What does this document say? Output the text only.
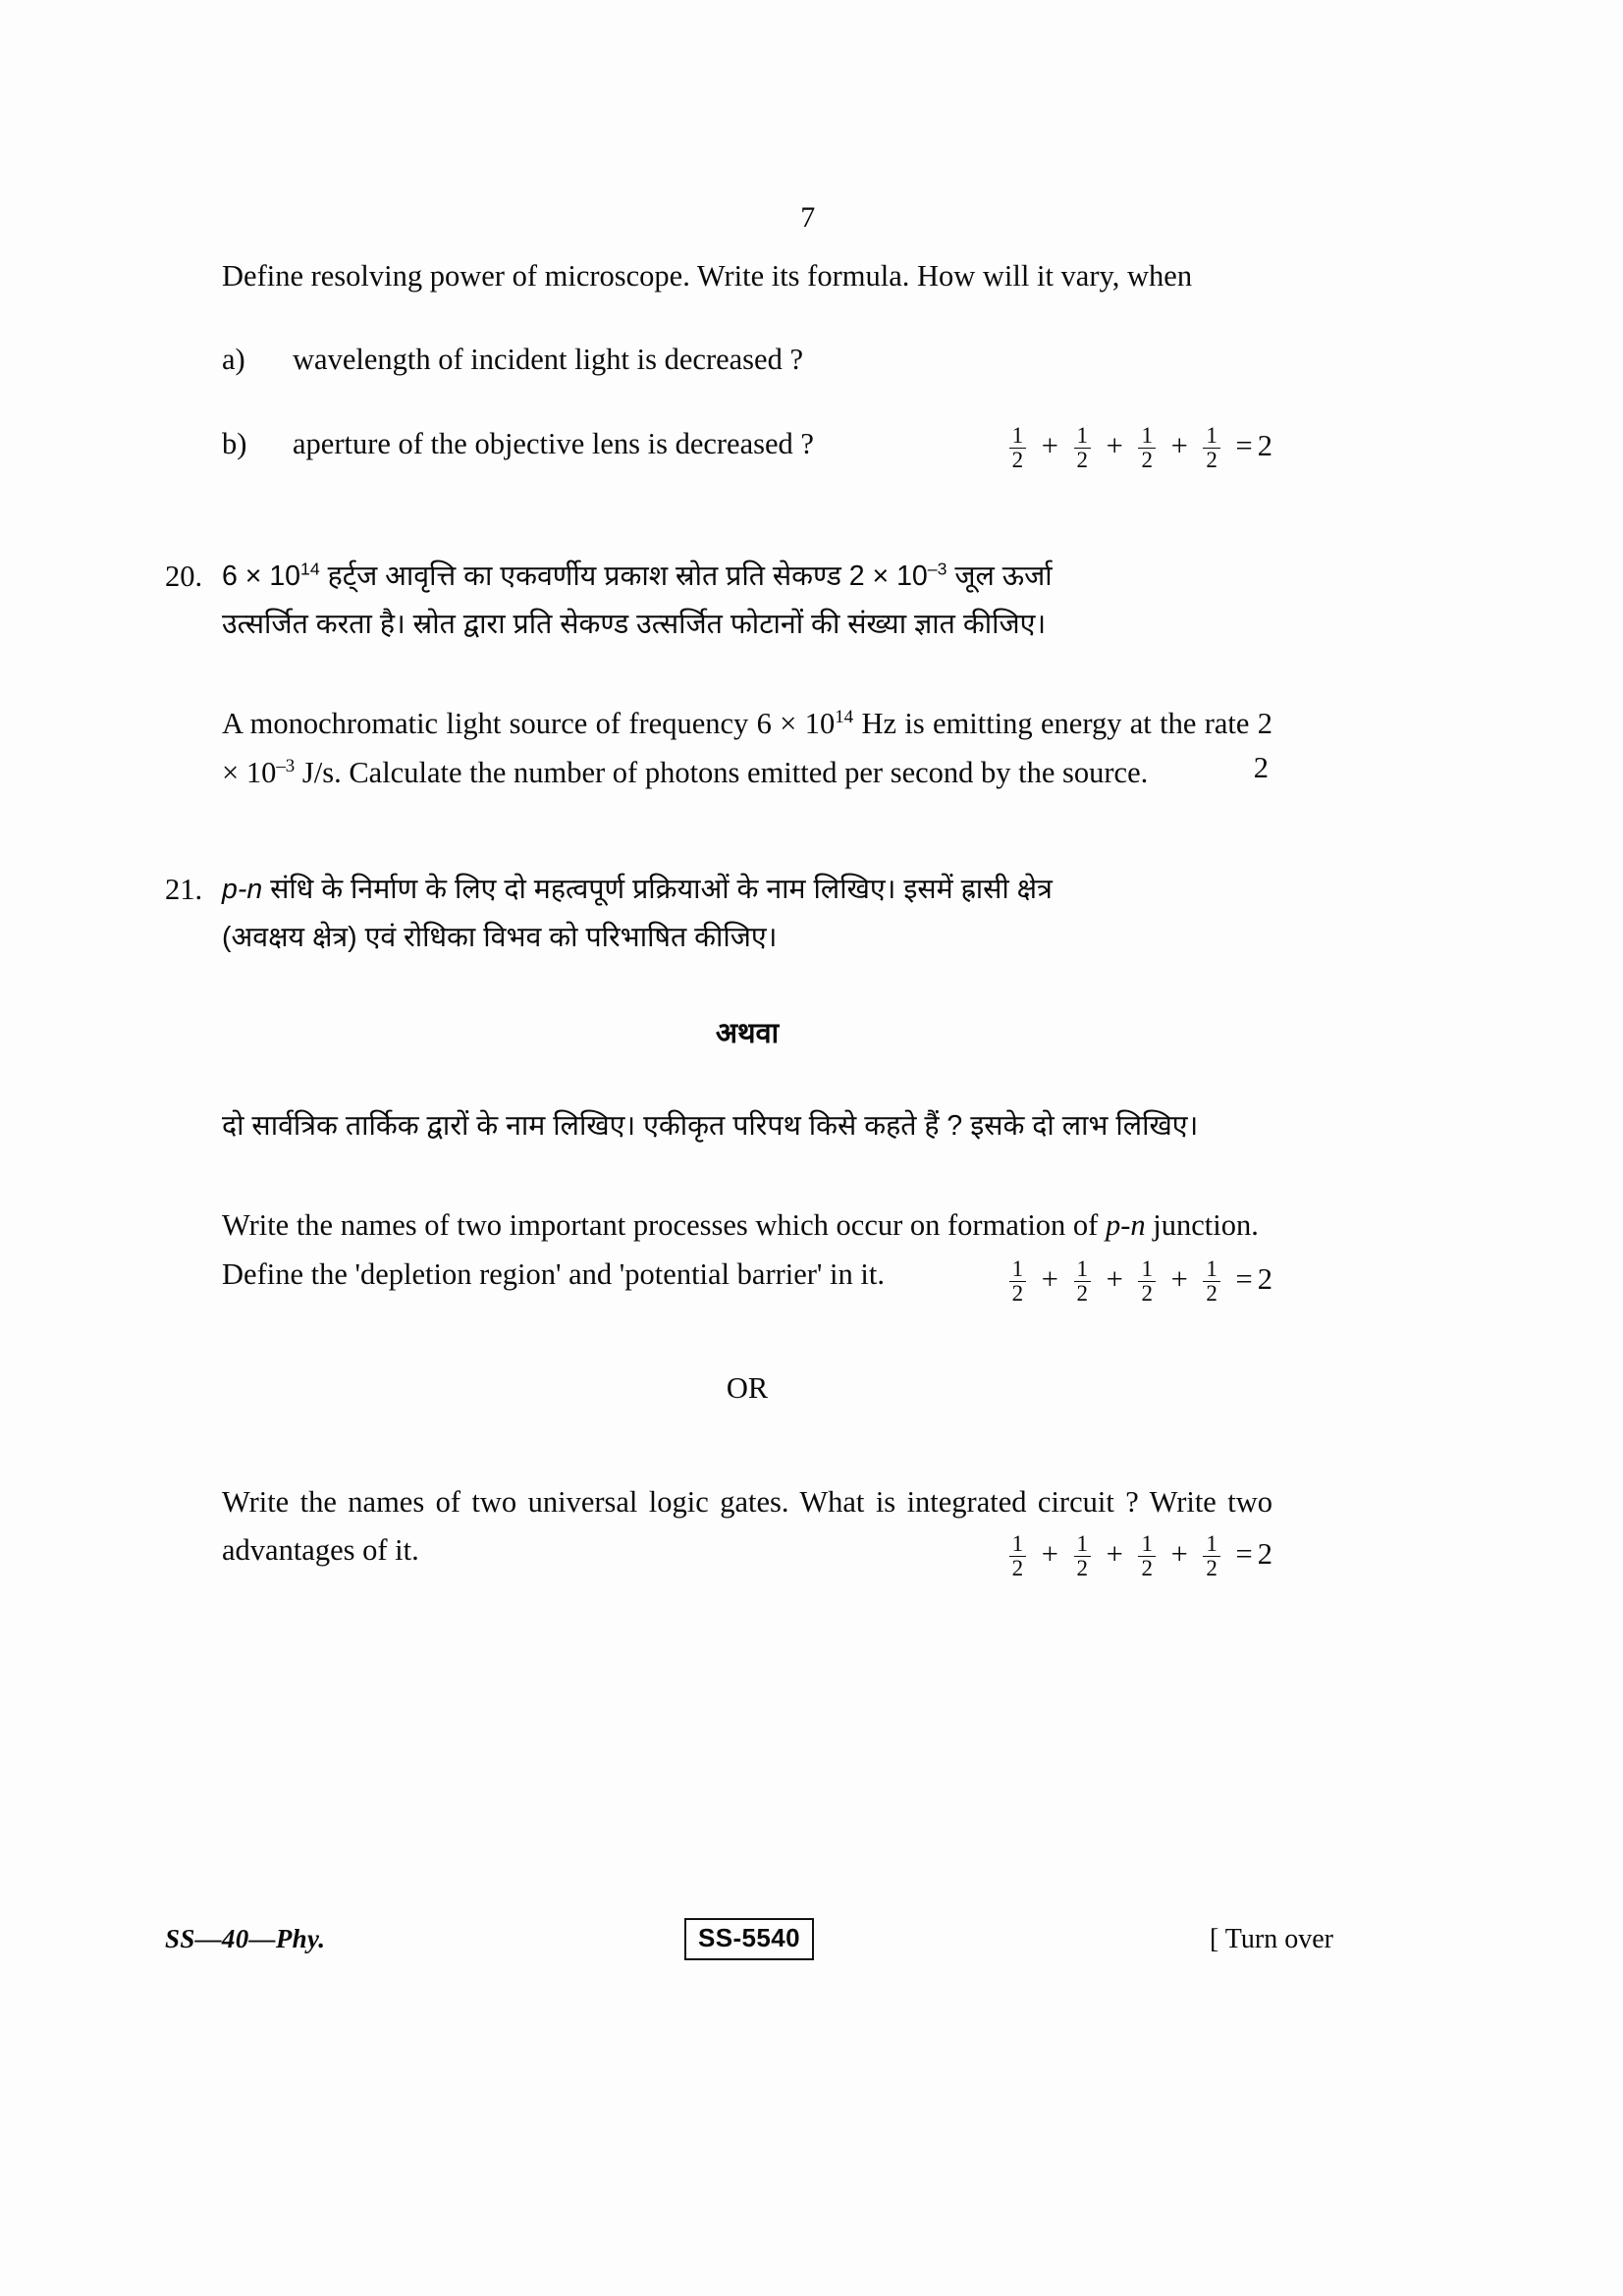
7
Define resolving power of microscope. Write its formula. How will it vary, when
a)	wavelength of incident light is decreased ?
b)	aperture of the objective lens is decreased ?	$\frac{1}{2} + \frac{1}{2} + \frac{1}{2} + \frac{1}{2} = 2$
20. $6 \times 10^{14}$ हर्ट्ज आवृत्ति का एकवर्णीय प्रकाश स्रोत प्रति सेकण्ड $2 \times 10^{-3}$ जूल ऊर्जा
उत्सर्जित करता है। स्रोत द्वारा प्रति सेकण्ड उत्सर्जित फोटानों की संख्या ज्ञात कीजिए।
A monochromatic light source of frequency $6 \times 10^{14}$ Hz is emitting energy at the rate $2 \times 10^{-3}$ J/s. Calculate the number of photons emitted per second by the source.	2
21. p-n संधि के निर्माण के लिए दो महत्वपूर्ण प्रक्रियाओं के नाम लिखिए। इसमें ह्रासी क्षेत्र
(अवक्षय क्षेत्र) एवं रोधिका विभव को परिभाषित कीजिए।
अथवा
दो सार्वत्रिक तार्किक द्वारों के नाम लिखिए। एकीकृत परिपथ किसे कहते हैं ? इसके दो लाभ लिखिए।
Write the names of two important processes which occur on formation of p-n junction. Define the 'depletion region' and 'potential barrier' in it.	$\frac{1}{2} + \frac{1}{2} + \frac{1}{2} + \frac{1}{2} = 2$
OR
Write the names of two universal logic gates. What is integrated circuit ? Write two advantages of it.	$\frac{1}{2} + \frac{1}{2} + \frac{1}{2} + \frac{1}{2} = 2$
SS—40—Phy.	SS-5540	[ Turn over
